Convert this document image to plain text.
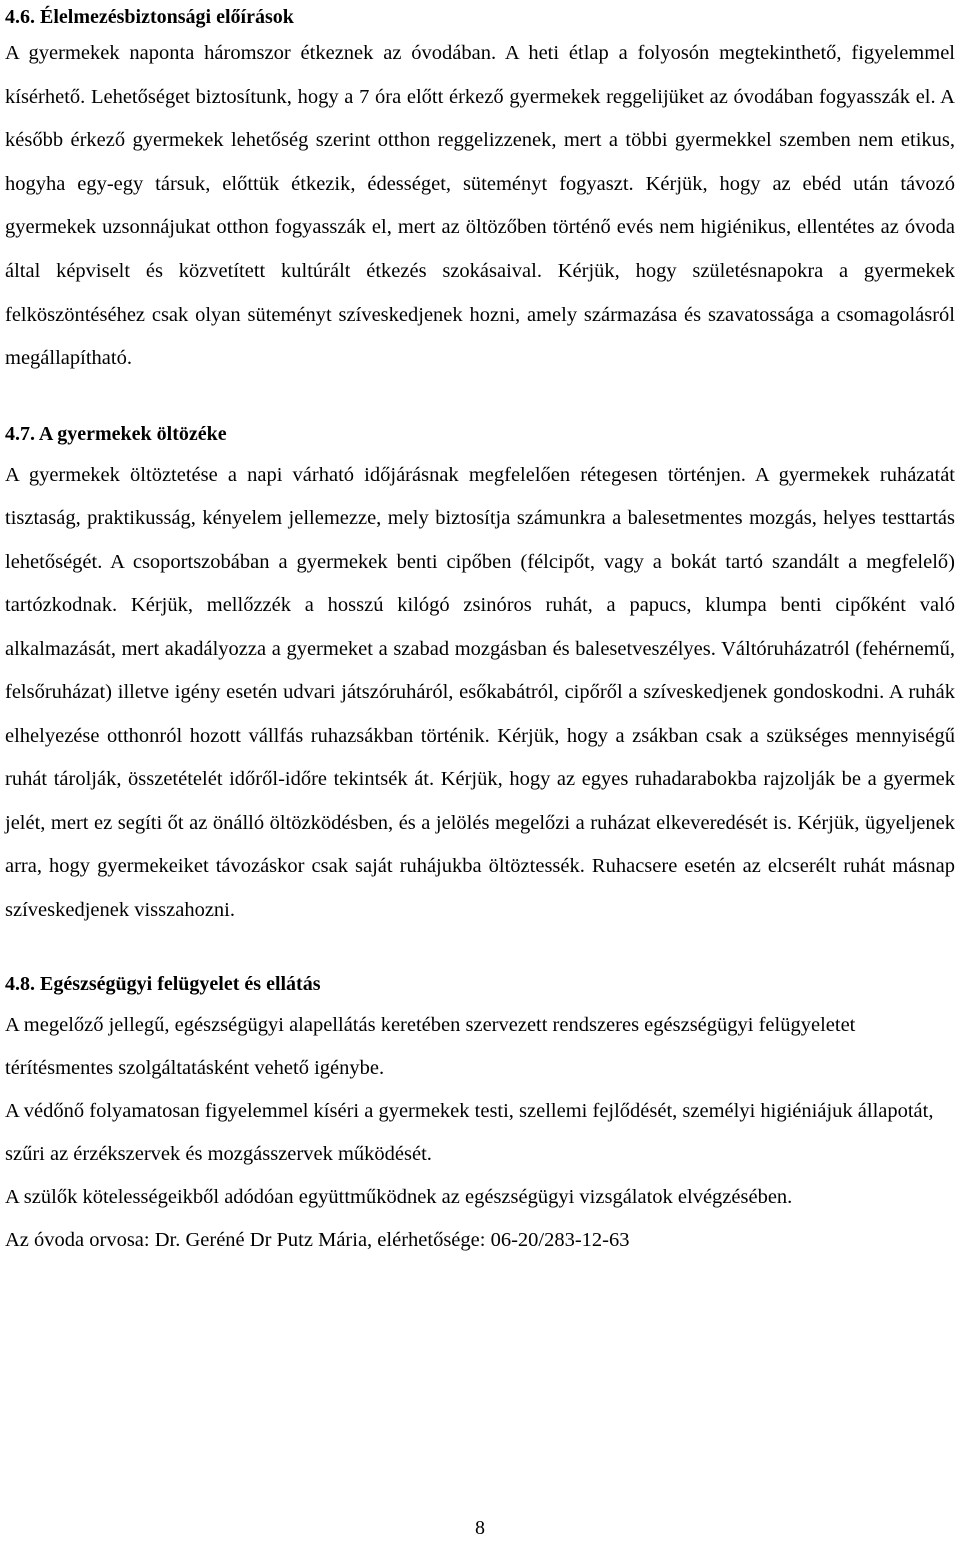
4.6. Élelmezésbiztonsági előírások

A gyermekek naponta háromszor étkeznek az óvodában. A heti étlap a folyosón megtekinthető, figyelemmel kísérhető. Lehetőséget biztosítunk, hogy a 7 óra előtt érkező gyermekek reggelijüket az óvodában fogyasszák el. A később érkező gyermekek lehetőség szerint otthon reggelizzenek, mert a többi gyermekkel szemben nem etikus, hogyha egy-egy társuk, előttük étkezik, édességet, süteményt fogyaszt. Kérjük, hogy az ebéd után távozó gyermekek uzsonnájukat otthon fogyasszák el, mert az öltözőben történő evés nem higiénikus, ellentétes az óvoda által képviselt és közvetített kultúrált étkezés szokásaival. Kérjük, hogy születésnapokra a gyermekek felköszöntéséhez csak olyan süteményt szíveskedjenek hozni, amely származása és szavatossága a csomagolásról megállapítható.

4.7. A gyermekek öltözéke

A gyermekek öltöztetése a napi várható időjárásnak megfelelően rétegesen történjen. A gyermekek ruházatát tisztaság, praktikusság, kényelem jellemezze, mely biztosítja számunkra a balesetmentes mozgás, helyes testtartás lehetőségét. A csoportszobában a gyermekek benti cipőben (félcipőt, vagy a bokát tartó szandált a megfelelő) tartózkodnak. Kérjük, mellőzzék a hosszú kilógó zsinóros ruhát, a papucs, klumpa benti cipőként való alkalmazását, mert akadályozza a gyermeket a szabad mozgásban és balesetveszélyes. Váltóruházatról (fehérnemű, felsőruházat) illetve igény esetén udvari játszóruháról, esőkabátról, cipőről a szíveskedjenek gondoskodni. A ruhák elhelyezése otthonról hozott vállfás ruhazsákban történik. Kérjük, hogy a zsákban csak a szükséges mennyiségű ruhát tárolják, összetételét időről-időre tekintsék át. Kérjük, hogy az egyes ruhadarabokba rajzolják be a gyermek jelét, mert ez segíti őt az önálló öltözködésben, és a jelölés megelőzi a ruházat elkeveredését is. Kérjük, ügyeljenek arra, hogy gyermekeiket távozáskor csak saját ruhájukba öltöztessék. Ruhacsere esetén az elcserélt ruhát másnap szíveskedjenek visszahozni.

4.8. Egészségügyi felügyelet és ellátás

A megelőző jellegű, egészségügyi alapellátás keretében szervezett rendszeres egészségügyi felügyeletet térítésmentes szolgáltatásként vehető igénybe.

A védőnő folyamatosan figyelemmel kíséri a gyermekek testi, szellemi fejlődését, személyi higiéniájuk állapotát, szűri az érzékszervek és mozgásszervek működését.

A szülők kötelességeikből adódóan együttműködnek az egészségügyi vizsgálatok elvégzésében.

Az óvoda orvosa: Dr. Geréné Dr Putz Mária, elérhetősége: 06-20/283-12-63

8
